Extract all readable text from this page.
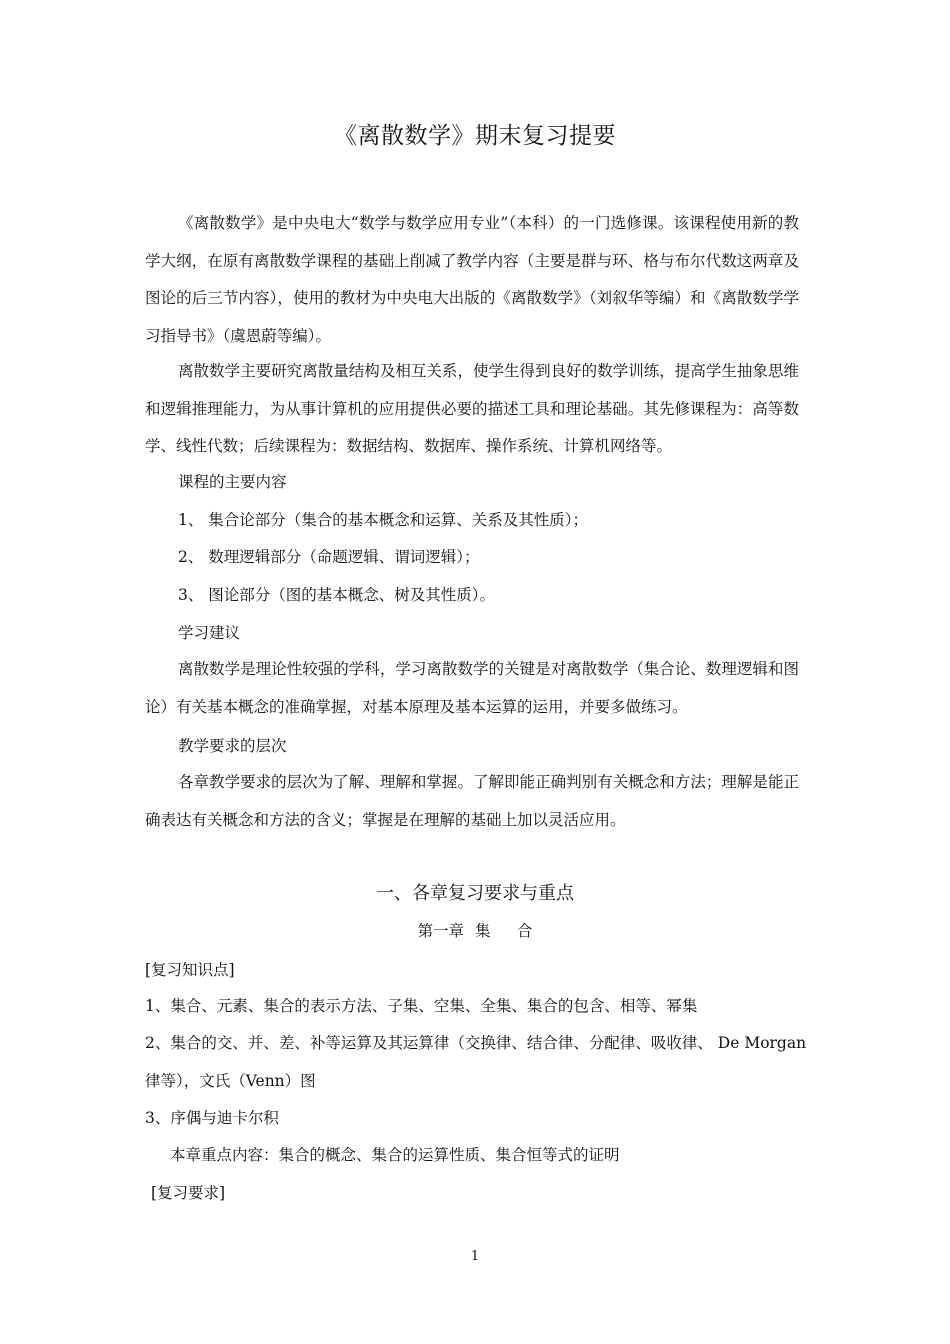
《离散数学》期末复习提要

《离散数学》是中央电大“数学与数学应用专业”（本科）的一门选修课。该课程使用新的教学大纲，在原有离散数学课程的基础上削减了教学内容（主要是群与环、格与布尔代数这两章及图论的后三节内容），使用的教材为中央电大出版的《离散数学》（刘叙华等编）和《离散数学学习指导书》（虞恩蔚等编）。

离散数学主要研究离散量结构及相互关系，使学生得到良好的数学训练，提高学生抽象思维和逻辑推理能力，为从事计算机的应用提供必要的描述工具和理论基础。其先修课程为：高等数学、线性代数；后续课程为：数据结构、数据库、操作系统、计算机网络等。

课程的主要内容
1、 集合论部分（集合的基本概念和运算、关系及其性质）；
2、 数理逻辑部分（命题逻辑、谓词逻辑）；
3、 图论部分（图的基本概念、树及其性质）。
学习建议

离散数学是理论性较强的学科，学习离散数学的关键是对离散数学（集合论、数理逻辑和图论）有关基本概念的准确掌握，对基本原理及基本运算的运用，并要多做练习。

教学要求的层次

各章教学要求的层次为了解、理解和掌握。了解即能正确判别有关概念和方法；理解是能正确表达有关概念和方法的含义；掌握是在理解的基础上加以灵活应用。

一、各章复习要求与重点
第一章 集　 合
[复习知识点]
1、集合、元素、集合的表示方法、子集、空集、全集、集合的包含、相等、幂集
2、集合的交、并、差、补等运算及其运算律（交换律、结合律、分配律、吸收律、 De Morgan
律等），文氏（Venn）图
3、序偶与迪卡尔积
本章重点内容：集合的概念、集合的运算性质、集合恒等式的证明
[复习要求]
1
